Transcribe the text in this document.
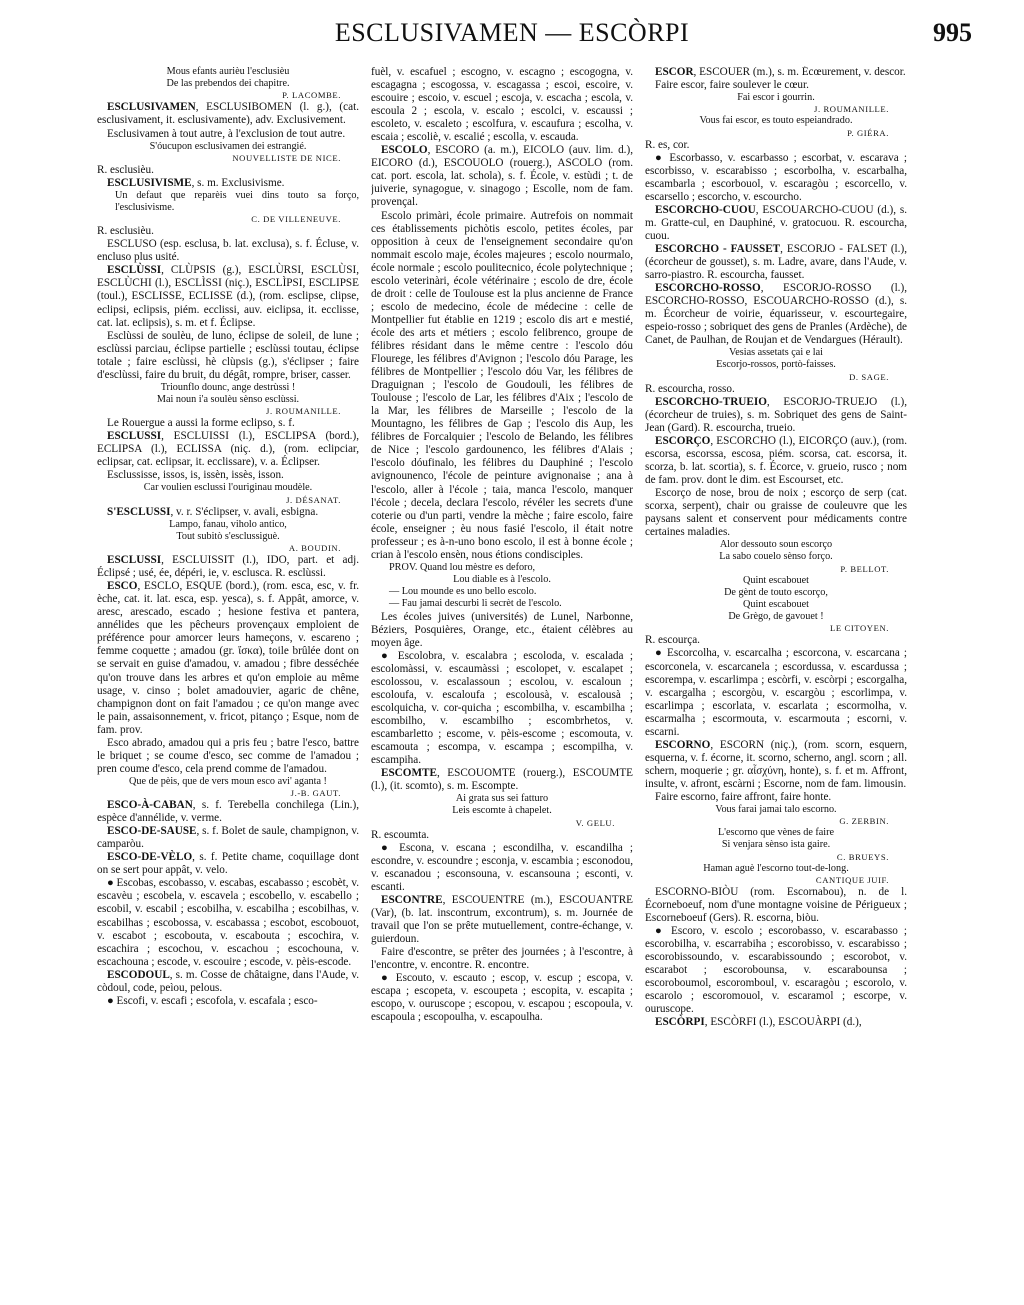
ESCLUSIVAMEN — ESCÒRPI	995

Mous efants aurièu l'esclusièu

De las prebendos dei chapitre.

P. LACOMBE.

ESCLUSIVAMEN, ESCLUSIBOMEN (l. g.), (cat. esclusivament, it. esclusivamente), adv. Exclusivement.

Esclusivamen à tout autre, à l'exclusion de tout autre.

S'óucupon esclusivamen dei estrangié.

NOUVELLISTE DE NICE.

R. esclusièu.

ESCLUSIVISME, s. m. Exclusivisme.

Un defaut que reparèis vuei dins touto sa forço, l'esclusivisme.

C. DE VILLENEUVE.

R. esclusièu.

ESCLUSO (esp. esclusa, b. lat. exclusa), s. f. Écluse, v. encluso plus usité.

ESCLÙSSI, CLÙPSIS (g.), ESCLÙRSI, ESCLÙSI, ESCLÙCHI (l.), ESCLÌSSI (niç.), ESCLÌPSI, ESCLIPSE (toul.), ESCLISSE, ECLISSE (d.), (rom. esclipse, clipse, eclipsi, eclipsis, piém. ecclissi, auv. eiclipsa, it. ecclisse, cat. lat. eclipsis), s. m. et f. Éclipse.

Esclùssi de soulèu, de luno, éclipse de soleil, de lune ; esclùssi parciau, éclipse partielle ; esclùssi toutau, éclipse totale ; faire esclùssi, hè clùpsis (g.), s'éclipser ; faire d'esclùssi, faire du bruit, du dégât, rompre, briser, casser.

Triounflo dounc, ange destrùssi !

Mai noun i'a soulèu sènso esclùssi.

J. ROUMANILLE.

Le Rouergue a aussi la forme eclipso, s. f.

ESCLUSSI, ESCLUISSI (l.), ESCLIPSA (bord.), ECLIPSA (l.), ECLISSA (niç. d.), (rom. eclipciar, eclipsar, cat. eclipsar, it. ecclissare), v. a. Éclipser.

Esclussisse, issos, is, issèn, issès, isson.

Car voulien esclussi l'ouriginau moudèle.

J. DÉSANAT.

S'ESCLUSSI, v. r. S'éclipser, v. avali, esbigna.

Lampo, fanau, viholo antico,

Tout subitò s'esclussiguè.

A. BOUDIN.

ESCLUSSI, ESCLUISSIT (l.), IDO, part. et adj. Éclipsé ; usé, ée, dépéri, ie, v. esclusca. R. esclùssi.

ESCO, ESCLO, ESQUE (bord.), (rom. esca, esc, v. fr. èche, cat. it. lat. esca, esp. yesca), s. f. Appât, amorce, v. aresc, arescado, escado ; hesione festiva et pantera, annélides que les pêcheurs provençaux emploient de préférence pour amorcer leurs hameçons, v. escareno ; femme coquette ; amadou (gr. ἴσκα), toile brûlée dont on se servait en guise d'amadou, v. amadou ; fibre desséchée qu'on trouve dans les arbres et qu'on emploie au même usage, v. cinso ; bolet amadouvier, agaric de chêne, champignon dont on fait l'amadou ; ce qu'on mange avec le pain, assaisonnement, v. fricot, pitanço ; Esque, nom de fam. prov.

Esco abrado, amadou qui a pris feu ; batre l'esco, battre le briquet ; se coume d'esco, sec comme de l'amadou ; pren coume d'esco, cela prend comme de l'amadou.

Que de pèis, que de vers moun esco avi' aganta !

J.-B. GAUT.

ESCO-À-CABAN, s. f. Terebella conchilega (Lin.), espèce d'annélide, v. verme.

ESCO-DE-SAUSE, s. f. Bolet de saule, champignon, v. camparòu.

ESCO-DE-VÈLO, s. f. Petite chame, coquillage dont on se sert pour appât, v. velo.

● Escobas, escobasso, v. escabas, escabasso ; escobèt, v. escavèu ; escobela, v. escavela ; escobello, v. escabello ; escobil, v. escabil ; escobilha, v. escabilha ; escobilhas, v. escabilhas ; escobossa, v. escabassa ; escobot, escobouot, v. escabot ; escobouta, v. escabouta ; escochira, v. escachira ; escochou, v. escachou ; escochouna, v. escachouna ; escode, v. escouire ; escode, v. pèis-escode.

ESCODOUL, s. m. Cosse de châtaigne, dans l'Aude, v. còdoul, code, peìou, pelous.

● Escofi, v. escafi ; escofola, v. escafala ; esco-

fuèl, v. escafuel ; escogno, v. escagno ; escogogna, v. escagagna ; escogossa, v. escagassa ; escoi, escoire, v. escouire ; escoio, v. escuel ; escoja, v. escacha ; escola, v. escoula 2 ; escola, v. escalo ; escolci, v. escaussi ; escoleto, v. escaleto ; escolfura, v. escaufura ; escolha, v. escaia ; escoliè, v. escalié ; escolla, v. escauda.

ESCOLO, ESCORO (a. m.), EICOLO (auv. lim. d.), EICORO (d.), ESCOUOLO (rouerg.), ASCOLO (rom. cat. port. escola, lat. schola), s. f. École, v. estùdi ; t. de juiverie, synagogue, v. sinagogo ; Escolle, nom de fam. provençal.

Escolo primàri, école primaire. Autrefois on nommait ces établissements pichòtis escolo, petites écoles, par opposition à ceux de l'enseignement secondaire qu'on nommait escolo maje, écoles majeures ; escolo nourmalo, école normale ; escolo poulitecnico, école polytechnique ; escolo veterinàri, école vétérinaire ; escolo de dre, école de droit : celle de Toulouse est la plus ancienne de France ; escolo de medecino, école de médecine : celle de Montpellier fut établie en 1219 ; escolo dis art e mestié, école des arts et métiers ; escolo felibrenco, groupe de félibres résidant dans le même centre : l'escolo dóu Flourege, les félibres d'Avignon ; l'escolo dóu Parage, les félibres de Montpellier ; l'escolo dóu Var, les félibres de Draguignan ; l'escolo de Goudouli, les félibres de Toulouse ; l'escolo de Lar, les félibres d'Aix ; l'escolo de la Mar, les félibres de Marseille ; l'escolo de la Mountagno, les félibres de Gap ; l'escolo dis Aup, les félibres de Forcalquier ; l'escolo de Belando, les félibres de Nice ; l'escolo gardounenco, les félibres d'Alais ; l'escolo dóufinalo, les félibres du Dauphiné ; l'escolo avignounenco, l'école de peinture avignonaise ; ana à l'escolo, aller à l'école ; taia, manca l'escolo, manquer l'école ; decela, declara l'escolo, révéler les secrets d'une coterie ou d'un parti, vendre la mèche ; faire escolo, faire école, enseigner ; èu nous fasié l'escolo, il était notre professeur ; es à-n-uno bono escolo, il est à bonne école ; crian à l'escolo ensèn, nous étions condisciples.

PROV. Quand lou mèstre es deforo,

Lou diable es à l'escolo.

— Lou mounde es uno bello escolo.

— Fau jamai descurbi li secrèt de l'escolo.

Les écoles juives (universités) de Lunel, Narbonne, Béziers, Posquières, Orange, etc., étaient célèbres au moyen âge.

● Escolobra, v. escalabra ; escoloda, v. escalada ; escolomàssi, v. escaumàssi ; escolopet, v. escalapet ; escolossou, v. escalassoun ; escolou, v. escaloun ; escoloufa, v. escaloufa ; escolousà, v. escalousà ; escolquicha, v. cor-quicha ; escombilha, v. escambilha ; escombilho, v. escambilho ; escombrhetos, v. escambarletto ; escome, v. pèis-escome ; escomouta, v. escamouta ; escompa, v. escampa ; escompilha, v. escampiha.

ESCOMTE, ESCOUOMTE (rouerg.), ESCOUMTE (l.), (it. scomto), s. m. Escompte.

Ai grata sus sei fatturo

Leis escomte à chapelet.

V. GELU.

R. escoumta.

● Escona, v. escana ; escondilha, v. escandilha ; escondre, v. escoundre ; esconja, v. escambia ; esconodou, v. escanadou ; esconsouna, v. escansouna ; esconti, v. escanti.

ESCONTRE, ESCOUENTRE (m.), ESCOUANTRE (Var), (b. lat. inscontrum, excontrum), s. m. Journée de travail que l'on se prête mutuellement, contre-échange, v. guierdoun.

Faire d'escontre, se prêter des journées ; à l'escontre, à l'encontre, v. encontre. R. encontre.

● Escouto, v. escauto ; escop, v. escup ; escopa, v. escapa ; escopeta, v. escoupeta ; escopita, v. escapita ; escopo, v. ouruscope ; escopou, v. escapou ; escopoula, v. escapoula ; escopoulha, v. escapoulha.

ESCOR, ESCOUER (m.), s. m. Écœurement, v. descor.

Faire escor, faire soulever le cœur.

Fai escor i gourrin.

J. ROUMANILLE.

Vous fai escor, es touto espeiandrado.

P. GIÉRA.

R. es, cor.

● Escorbasso, v. escarbasso ; escorbat, v. escarava ; escorbisso, v. escarabisso ; escorbolha, v. escarbalha, escambarla ; escorbouol, v. escaragòu ; escorcello, v. escarsello ; escorcho, v. escourcho.

ESCORCHO-CUOU, ESCOUARCHO-CUOU (d.), s. m. Gratte-cul, en Dauphiné, v. gratocuou. R. escourcha, cuou.

ESCORCHO - FAUSSET, ESCORJO - FALSET (l.), (écorcheur de gousset), s. m. Ladre, avare, dans l'Aude, v. sarro-piastro. R. escourcha, fausset.

ESCORCHO-ROSSO, ESCORJO-ROSSO (l.), ESCORCHO-ROSSO, ESCOUARCHO-ROSSO (d.), s. m. Écorcheur de voirie, équarisseur, v. escourtegaire, espeio-rosso ; sobriquet des gens de Pranles (Ardèche), de Canet, de Paulhan, de Roujan et de Vendargues (Hérault).

Vesias assetats çai e lai

Escorjo-rossos, portò-faisses.

D. SAGE.

R. escourcha, rosso.

ESCORCHO-TRUEIO, ESCORJO-TRUEJO (l.), (écorcheur de truies), s. m. Sobriquet des gens de Saint-Jean (Gard). R. escourcha, trueio.

ESCORÇO, ESCORCHO (l.), EICORÇO (auv.), (rom. escorsa, escorssa, escosa, piém. scorsa, cat. escorsa, it. scorza, b. lat. scortia), s. f. Écorce, v. grueio, rusco ; nom de fam. prov. dont le dim. est Escourset, etc.

Escorço de nose, brou de noix ; escorço de serp (cat. scorxa, serpent), chair ou graisse de couleuvre que les paysans salent et conservent pour médicaments contre certaines maladies.

Alor dessouto soun escorço

La sabo couelo sènso forço.

P. BELLOT.

Quint escabouet

De gènt de touto escorço,

Quint escabouet

De Grègo, de gavouet !

LE CITOYEN.

R. escourça.

● Escorcolha, v. escarcalha ; escorcona, v. escarcana ; escorconela, v. escarcanela ; escordussa, v. escardussa ; escorempa, v. escarlimpa ; escòrfi, v. escòrpi ; escorgalha, v. escargalha ; escorgòu, v. escargòu ; escorlimpa, v. escarlimpa ; escorlata, v. escarlata ; escormolha, v. escarmalha ; escormouta, v. escarmouta ; escorni, v. escarni.

ESCORNO, ESCORN (niç.), (rom. scorn, esquern, esquerna, v. f. écorne, it. scorno, scherno, angl. scorn ; all. schern, moquerie ; gr. αἶσχύνη, honte), s. f. et m. Affront, insulte, v. afront, escàrni ; Escorne, nom de fam. limousin.

Faire escorno, faire affront, faire honte.

Vous farai jamai talo escorno.

G. ZERBIN.

L'escorno que vènes de faire

Si venjara sènso ista gaire.

C. BRUEYS.

Haman aguè l'escorno tout-de-long.

CANTIQUE JUIF.

ESCORNO-BIÒU (rom. Escornabou), n. de l. Écorneboeuf, nom d'une montagne voisine de Périgueux ; Escorneboeuf (Gers). R. escorna, biòu.

● Escoro, v. escolo ; escorobasso, v. escarabasso ; escorobilha, v. escarrabiha ; escorobisso, v. escarabisso ; escorobissoundo, v. escarabissoundo ; escorobot, v. escarabot ; escorobounsa, v. escarabounsa ; escoroboumol, escoromboul, v. escaragòu ; escorolo, v. escarolo ; escoromouol, v. escaramol ; escorpe, v. ouruscope.

ESCÒRPI, ESCÒRFI (l.), ESCOUÀRPI (d.),
